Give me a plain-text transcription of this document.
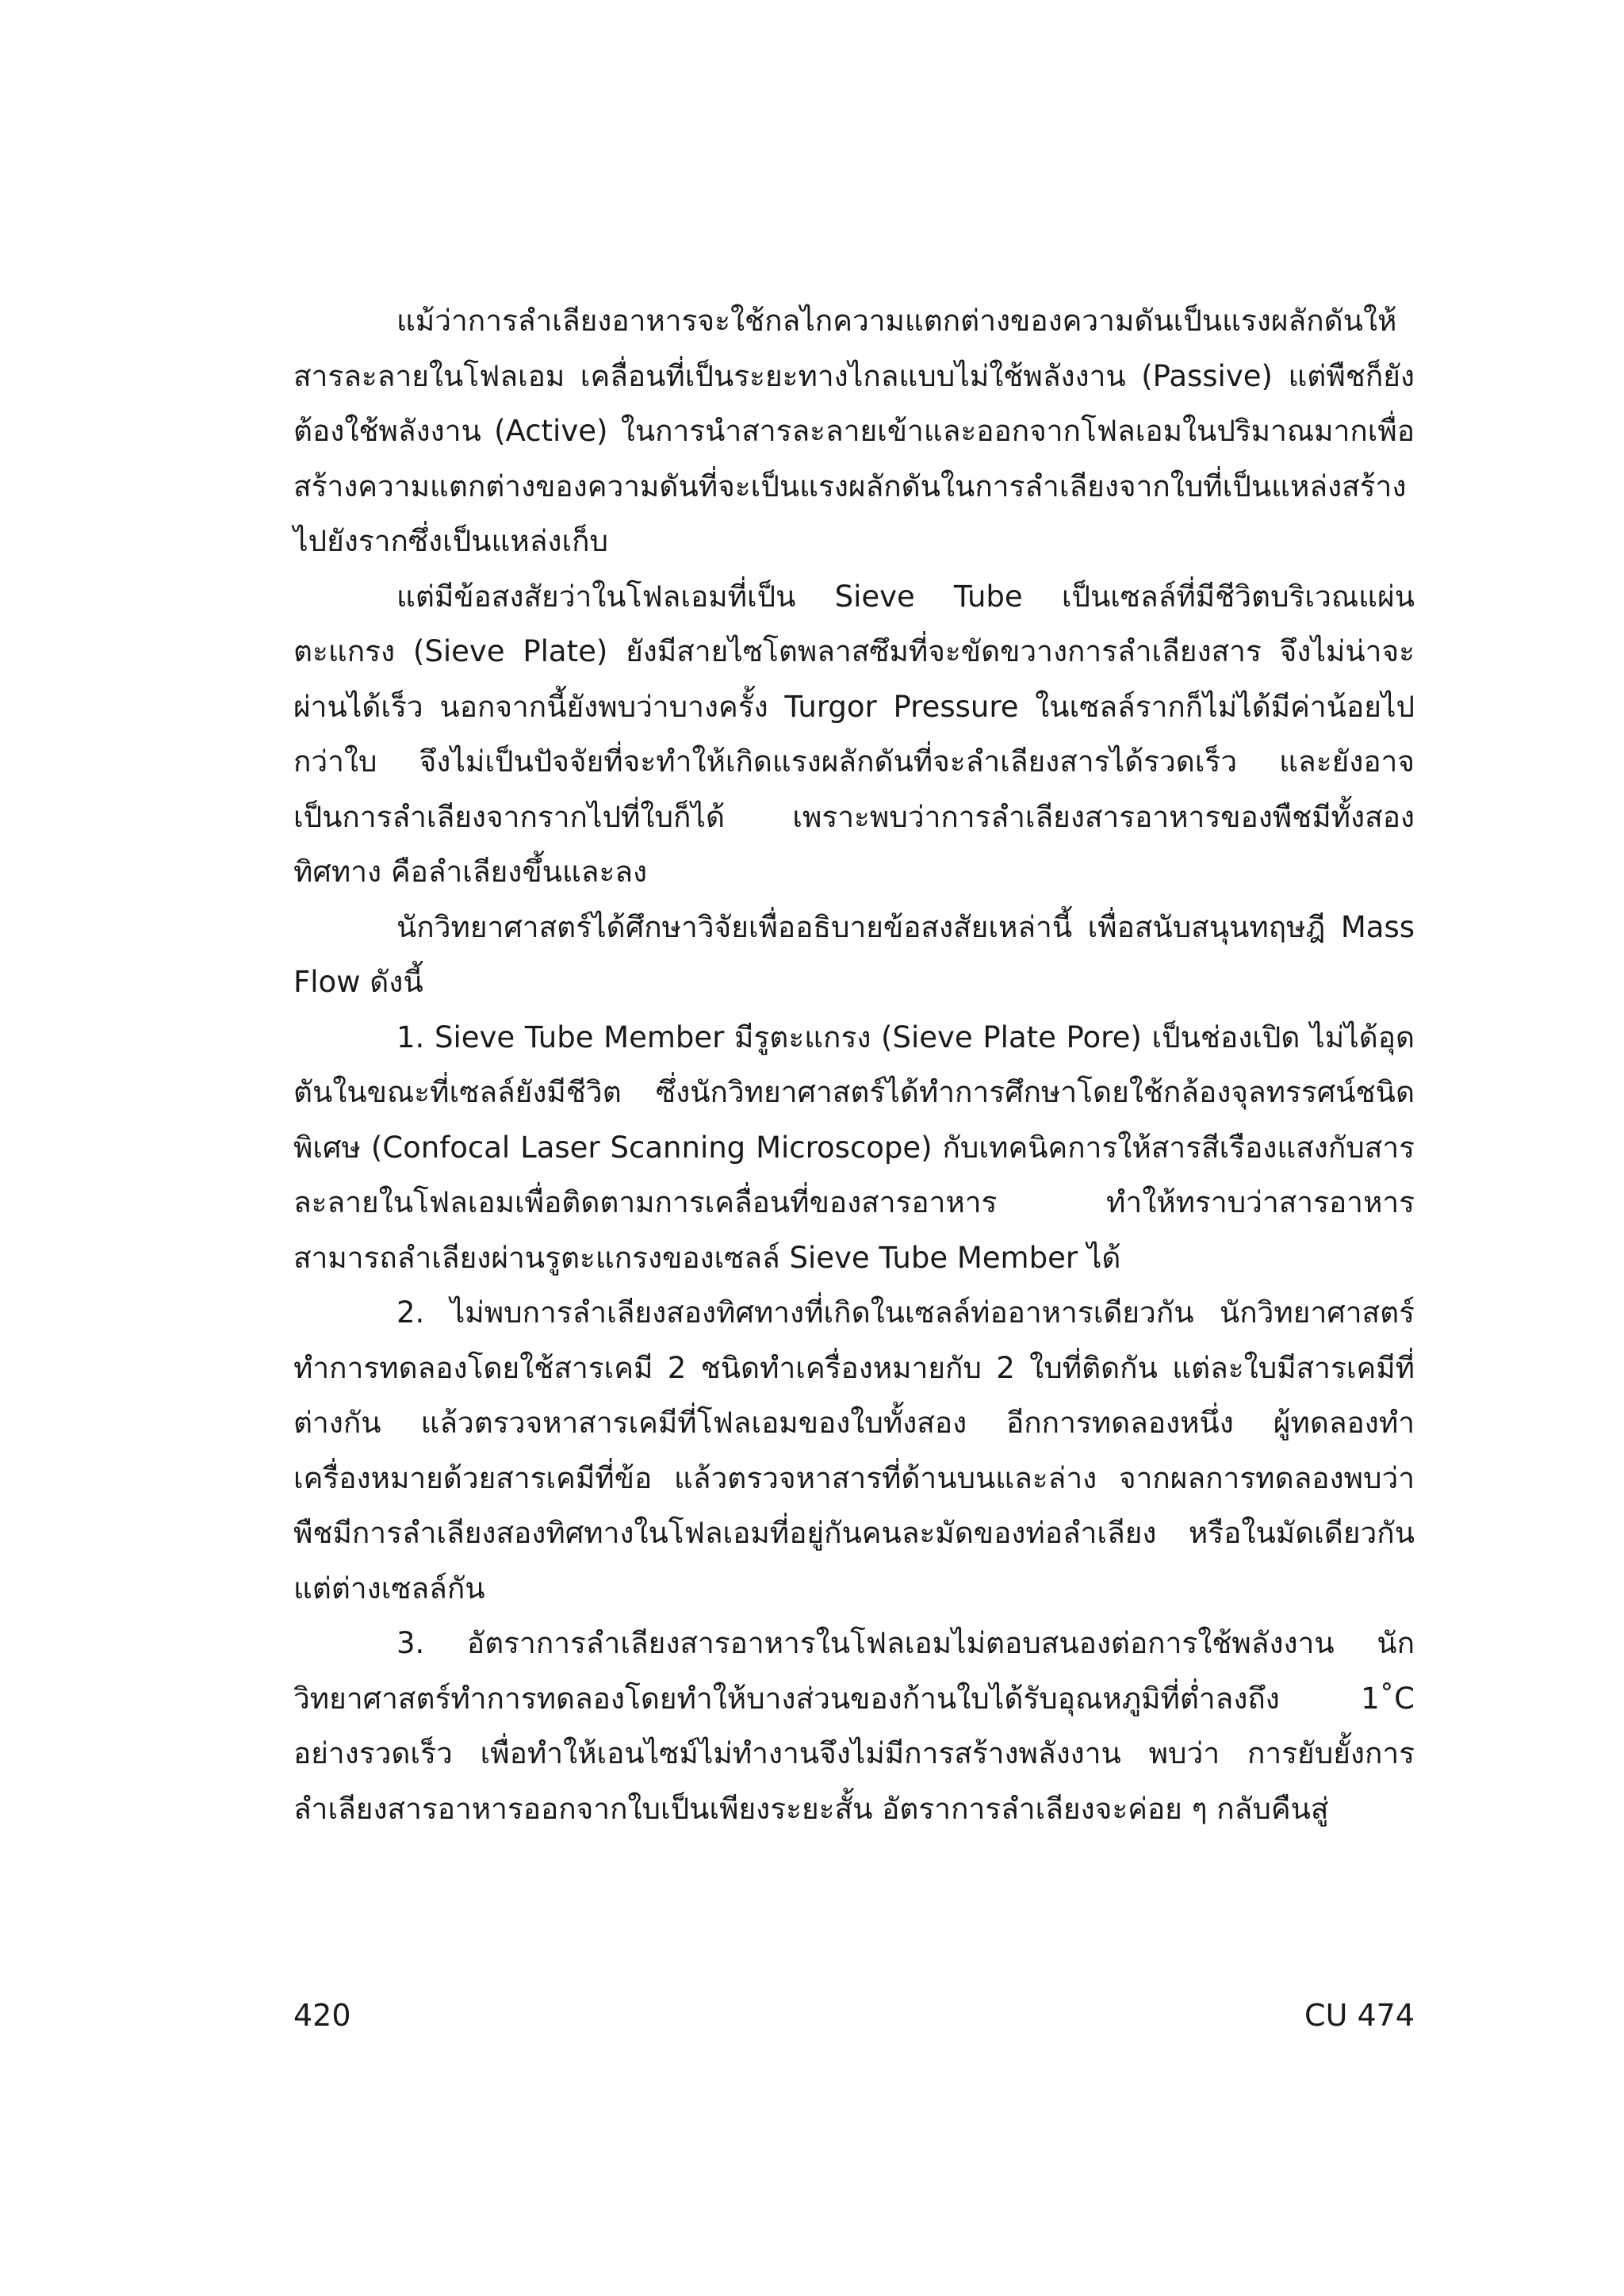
แม้ว่าการลำเลียงอาหารจะใช้กลไกความแตกต่างของความดันเป็นแรงผลักดันให้สารละลายในโฟลเอม เคลื่อนที่เป็นระยะทางไกลแบบไม่ใช้พลังงาน (Passive) แต่พืชก็ยังต้องใช้พลังงาน (Active) ในการนำสารละลายเข้าและออกจากโฟลเอมในปริมาณมากเพื่อสร้างความแตกต่างของความดันที่จะเป็นแรงผลักดันในการลำเลียงจากใบที่เป็นแหล่งสร้างไปยังรากซึ่งเป็นแหล่งเก็บ

แต่มีข้อสงสัยว่าในโฟลเอมที่เป็น Sieve Tube เป็นเซลล์ที่มีชีวิตบริเวณแผ่นตะแกรง (Sieve Plate) ยังมีสายไซโตพลาสซึมที่จะขัดขวางการลำเลียงสาร จึงไม่น่าจะผ่านได้เร็ว นอกจากนี้ยังพบว่าบางครั้ง Turgor Pressure ในเซลล์รากก็ไม่ได้มีค่าน้อยไปกว่าใบ จึงไม่เป็นปัจจัยที่จะทำให้เกิดแรงผลักดันที่จะลำเลียงสารได้รวดเร็ว และยังอาจเป็นการลำเลียงจากรากไปที่ใบก็ได้ เพราะพบว่าการลำเลียงสารอาหารของพืชมีทั้งสองทิศทาง คือลำเลียงขึ้นและลง

นักวิทยาศาสตร์ได้ศึกษาวิจัยเพื่ออธิบายข้อสงสัยเหล่านี้ เพื่อสนับสนุนทฤษฎี Mass Flow ดังนี้

1. Sieve Tube Member มีรูตะแกรง (Sieve Plate Pore) เป็นช่องเปิด ไม่ได้อุดตันในขณะที่เซลล์ยังมีชีวิต ซึ่งนักวิทยาศาสตร์ได้ทำการศึกษาโดยใช้กล้องจุลทรรศน์ชนิดพิเศษ (Confocal Laser Scanning Microscope) กับเทคนิคการให้สารสีเรืองแสงกับสารละลายในโฟลเอมเพื่อติดตามการเคลื่อนที่ของสารอาหาร ทำให้ทราบว่าสารอาหารสามารถลำเลียงผ่านรูตะแกรงของเซลล์ Sieve Tube Member ได้

2. ไม่พบการลำเลียงสองทิศทางที่เกิดในเซลล์ท่ออาหารเดียวกัน นักวิทยาศาสตร์ทำการทดลองโดยใช้สารเคมี 2 ชนิดทำเครื่องหมายกับ 2 ใบที่ติดกัน แต่ละใบมีสารเคมีที่ต่างกัน แล้วตรวจหาสารเคมีที่โฟลเอมของใบทั้งสอง อีกการทดลองหนึ่ง ผู้ทดลองทำเครื่องหมายด้วยสารเคมีที่ข้อ แล้วตรวจหาสารที่ด้านบนและล่าง จากผลการทดลองพบว่าพืชมีการลำเลียงสองทิศทางในโฟลเอมที่อยู่กันคนละมัดของท่อลำเลียง หรือในมัดเดียวกันแต่ต่างเซลล์กัน

3. อัตราการลำเลียงสารอาหารในโฟลเอมไม่ตอบสนองต่อการใช้พลังงาน นักวิทยาศาสตร์ทำการทดลองโดยทำให้บางส่วนของก้านใบได้รับอุณหภูมิที่ต่ำลงถึง 1˚C อย่างรวดเร็ว เพื่อทำให้เอนไซม์ไม่ทำงานจึงไม่มีการสร้างพลังงาน พบว่า การยับยั้งการลำเลียงสารอาหารออกจากใบเป็นเพียงระยะสั้น อัตราการลำเลียงจะค่อย ๆ กลับคืนสู่

420	CU 474
